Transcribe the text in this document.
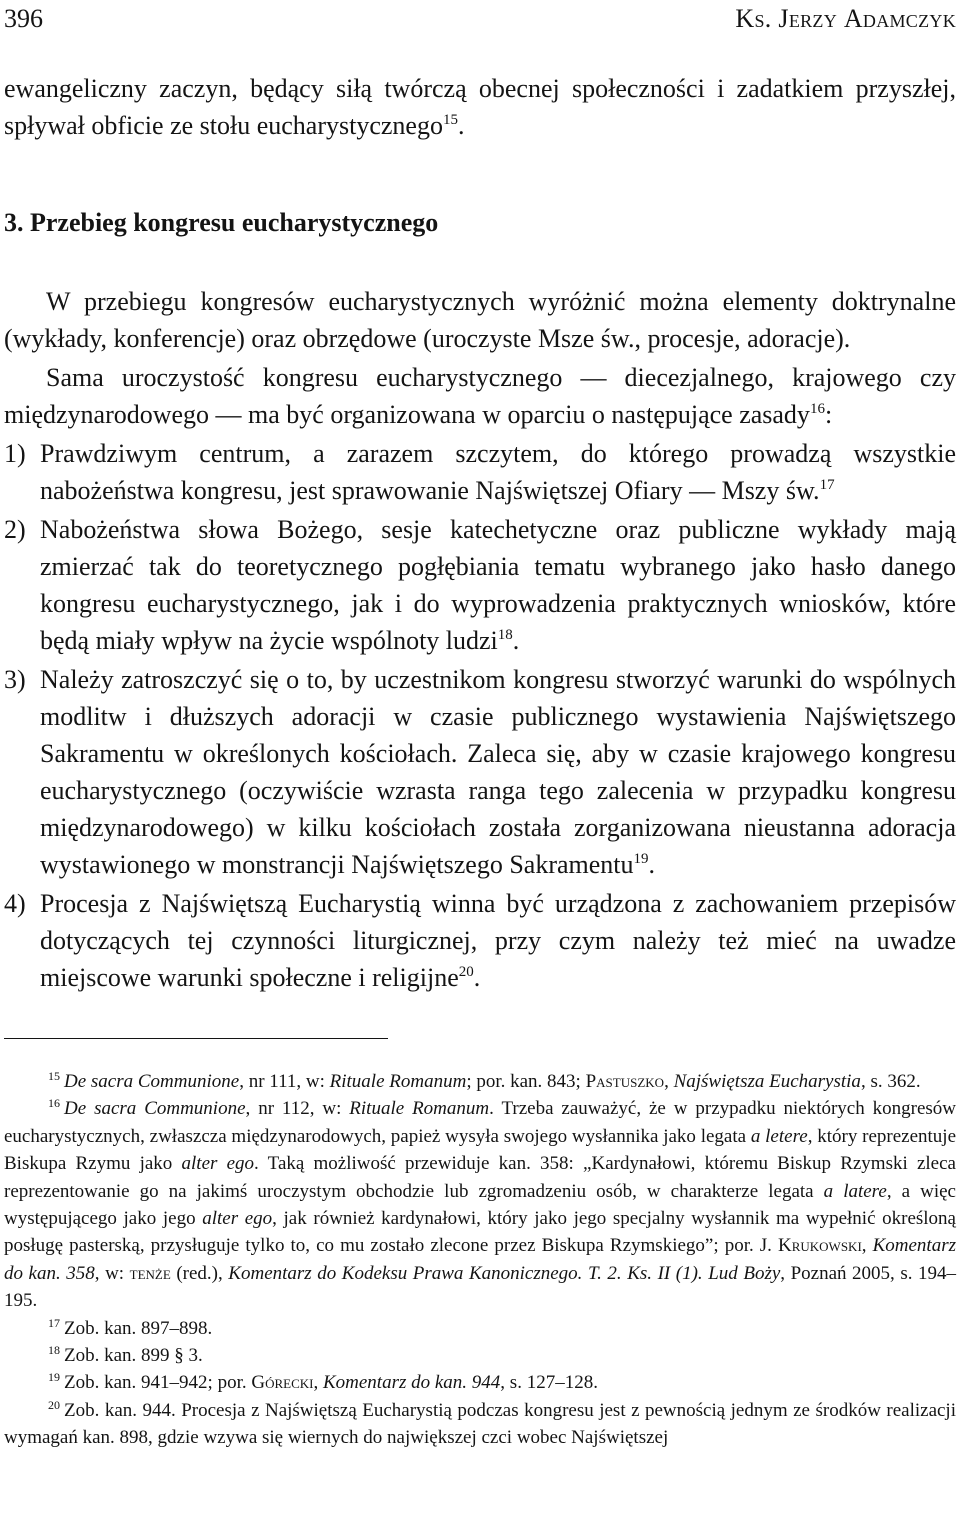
396	Ks. Jerzy Adamczyk

ewangeliczny zaczyn, będący siłą twórczą obecnej społeczności i zadatkiem przyszłej, spływał obficie ze stołu eucharystycznego$^{15}$.

3. Przebieg kongresu eucharystycznego

W przebiegu kongresów eucharystycznych wyróżnić można elementy doktrynalne (wykłady, konferencje) oraz obrzędowe (uroczyste Msze św., procesje, adoracje).

Sama uroczystość kongresu eucharystycznego — diecezjalnego, krajowego czy międzynarodowego — ma być organizowana w oparciu o następujące zasady$^{16}$:

1) Prawdziwym centrum, a zarazem szczytem, do którego prowadzą wszystkie nabożeństwa kongresu, jest sprawowanie Najświętszej Ofiary — Mszy św.$^{17}$
2) Nabożeństwa słowa Bożego, sesje katechetyczne oraz publiczne wykłady mają zmierzać tak do teoretycznego pogłębiania tematu wybranego jako hasło danego kongresu eucharystycznego, jak i do wyprowadzenia praktycznych wniosków, które będą miały wpływ na życie wspólnoty ludzi$^{18}$.
3) Należy zatroszczyć się o to, by uczestnikom kongresu stworzyć warunki do wspólnych modlitw i dłuższych adoracji w czasie publicznego wystawienia Najświętszego Sakramentu w określonych kościołach. Zaleca się, aby w czasie krajowego kongresu eucharystycznego (oczywiście wzrasta ranga tego zalecenia w przypadku kongresu międzynarodowego) w kilku kościołach została zorganizowana nieustanna adoracja wystawionego w monstrancji Najświętszego Sakramentu$^{19}$.
4) Procesja z Najświętszą Eucharystią winna być urządzona z zachowaniem przepisów dotyczących tej czynności liturgicznej, przy czym należy też mieć na uwadze miejscowe warunki społeczne i religijne$^{20}$.

$^{15}$ De sacra Communione, nr 111, w: Rituale Romanum; por. kan. 843; Pastuszko, Najświętsza Eucharystia, s. 362.

$^{16}$ De sacra Communione, nr 112, w: Rituale Romanum. Trzeba zauważyć, że w przypadku niektórych kongresów eucharystycznych, zwłaszcza międzynarodowych, papież wysyła swojego wysłannika jako legata a letere, który reprezentuje Biskupa Rzymu jako alter ego. Taką możliwość przewiduje kan. 358: „Kardynałowi, któremu Biskup Rzymski zleca reprezentowanie go na jakimś uroczystym obchodzie lub zgromadzeniu osób, w charakterze legata a latere, a więc występującego jako jego alter ego, jak również kardynałowi, który jako jego specjalny wysłannik ma wypełnić określoną posługę pasterską, przysługuje tylko to, co mu zostało zlecone przez Biskupa Rzymskiego”; por. J. Krukowski, Komentarz do kan. 358, w: tenże (red.), Komentarz do Kodeksu Prawa Kanonicznego. T. 2. Ks. II (1). Lud Boży, Poznań 2005, s. 194–195.

$^{17}$ Zob. kan. 897–898.

$^{18}$ Zob. kan. 899 § 3.

$^{19}$ Zob. kan. 941–942; por. Górecki, Komentarz do kan. 944, s. 127–128.

$^{20}$ Zob. kan. 944. Procesja z Najświętszą Eucharystią podczas kongresu jest z pewnością jednym ze środków realizacji wymagań kan. 898, gdzie wzywa się wiernych do największej czci wobec Najświętszej
